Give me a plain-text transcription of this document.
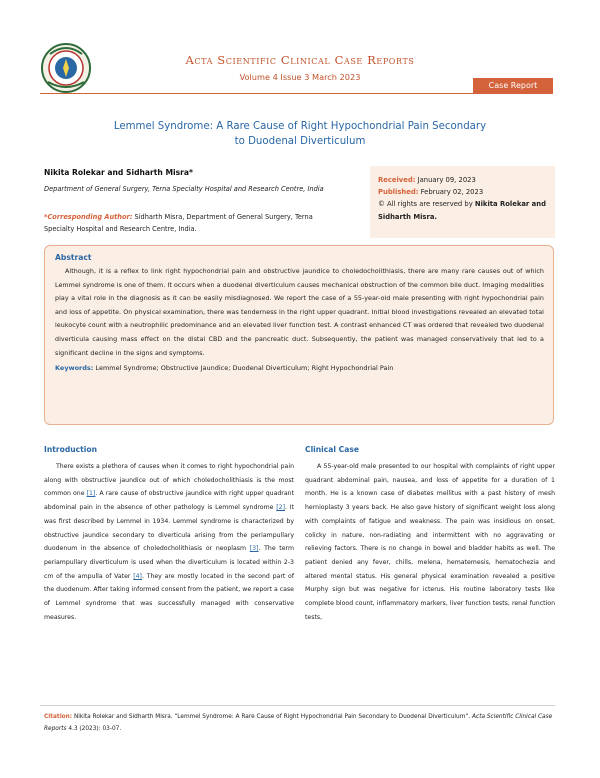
Acta Scientific Clinical Case Reports
Volume 4 Issue 3 March 2023
Case Report
Lemmel Syndrome: A Rare Cause of Right Hypochondrial Pain Secondary
to Duodenal Diverticulum
Nikita Rolekar and Sidharth Misra*
Department of General Surgery, Terna Specialty Hospital and Research Centre, India
*Corresponding Author: Sidharth Misra, Department of General Surgery, Terna Specialty Hospital and Research Centre, India.
Received: January 09, 2023
Published: February 02, 2023
© All rights are reserved by Nikita Rolekar and Sidharth Misra.
Abstract
Although, it is a reflex to link right hypochondrial pain and obstructive jaundice to choledocholithiasis, there are many rare causes out of which Lemmel syndrome is one of them. It occurs when a duodenal diverticulum causes mechanical obstruction of the common bile duct. Imaging modalities play a vital role in the diagnosis as it can be easily misdiagnosed. We report the case of a 55-year-old male presenting with right hypochondrial pain and loss of appetite. On physical examination, there was tenderness in the right upper quadrant. Initial blood investigations revealed an elevated total leukocyte count with a neutrophilic predominance and an elevated liver function test. A contrast enhanced CT was ordered that revealed two duodenal diverticula causing mass effect on the distal CBD and the pancreatic duct. Subsequently, the patient was managed conservatively that led to a significant decline in the signs and symptoms.
Keywords: Lemmel Syndrome; Obstructive Jaundice; Duodenal Diverticulum; Right Hypochondrial Pain
Introduction
There exists a plethora of causes when it comes to right hypochondrial pain along with obstructive jaundice out of which choledocholithiasis is the most common one [1]. A rare cause of obstructive jaundice with right upper quadrant abdominal pain in the absence of other pathology is Lemmel syndrome [2]. It was first described by Lemmel in 1934. Lemmel syndrome is characterized by obstructive jaundice secondary to diverticula arising from the periampullary duodenum in the absence of choledocholithiasis or neoplasm [3]. The term periampullary diverticulum is used when the diverticulum is located within 2-3 cm of the ampulla of Vater [4]. They are mostly located in the second part of the duodenum. After taking informed consent from the patient, we report a case of Lemmel syndrome that was successfully managed with conservative measures.
Clinical Case
A 55-year-old male presented to our hospital with complaints of right upper quadrant abdominal pain, nausea, and loss of appetite for a duration of 1 month. He is a known case of diabetes mellitus with a past history of mesh hernioplasty 3 years back. He also gave history of significant weight loss along with complaints of fatigue and weakness. The pain was insidious on onset, colicky in nature, non-radiating and intermittent with no aggravating or relieving factors. There is no change in bowel and bladder habits as well. The patient denied any fever, chills, melena, hematemesis, hematochezia and altered mental status. His general physical examination revealed a positive Murphy sign but was negative for icterus. His routine laboratory tests like complete blood count, inflammatory markers, liver function tests, renal function tests,
Citation: Nikita Rolekar and Sidharth Misra. “Lemmel Syndrome: A Rare Cause of Right Hypochondrial Pain Secondary to Duodenal Diverticulum”. Acta Scientific Clinical Case Reports 4.3 (2023): 03-07.
